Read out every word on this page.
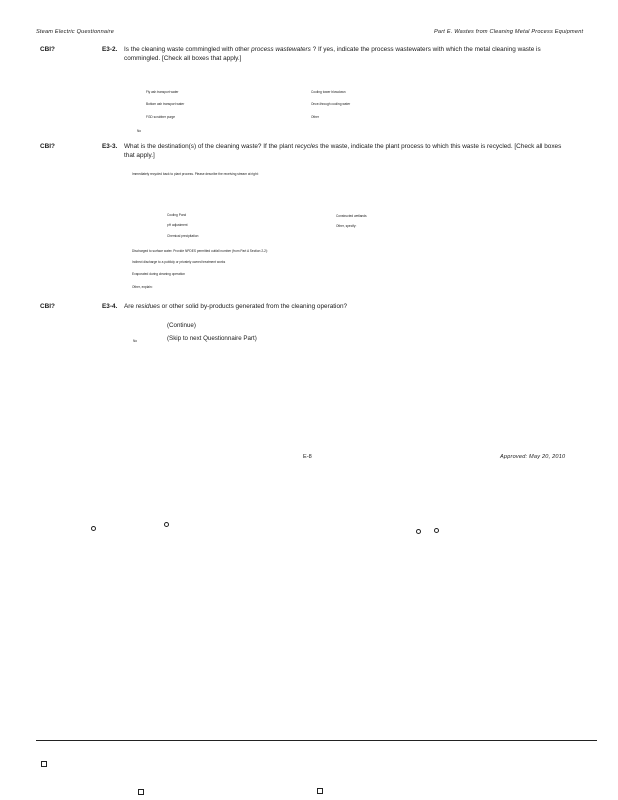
Steam Electric Questionnaire	Part E. Wastes from Cleaning Metal Process Equipment
CBI?	E3-2. Is the cleaning waste commingled with other process wastewaters ? If yes, indicate the process wastewaters with which the metal cleaning waste is commingled. [Check all boxes that apply.]
Fly ash transport water
Bottom ash transport water
FGD scrubber purge
No
Cooling tower blowdown
Once-through cooling water
Other
CBI?	E3-3. What is the destination(s) of the cleaning waste? If the plant recycles the waste, indicate the plant process to which this waste is recycled. [Check all boxes that apply.]
Immediately recycled back to plant process. Please describe the receiving stream at right:
Cooling Pond
pH adjustment
Chemical precipitation
Constructed wetlands
Other, specify:
Discharged to surface water. Provide NPDES permitted outfall number (from Part A Section 2-2):
Indirect discharge to a publicly or privately owned treatment works
Evaporated during cleaning operation
Other, explain:
CBI?	E3-4. Are residues or other solid by-products generated from the cleaning operation?
(Continue)
No	(Skip to next Questionnaire Part)
E-8	Approved: May 20, 2010
